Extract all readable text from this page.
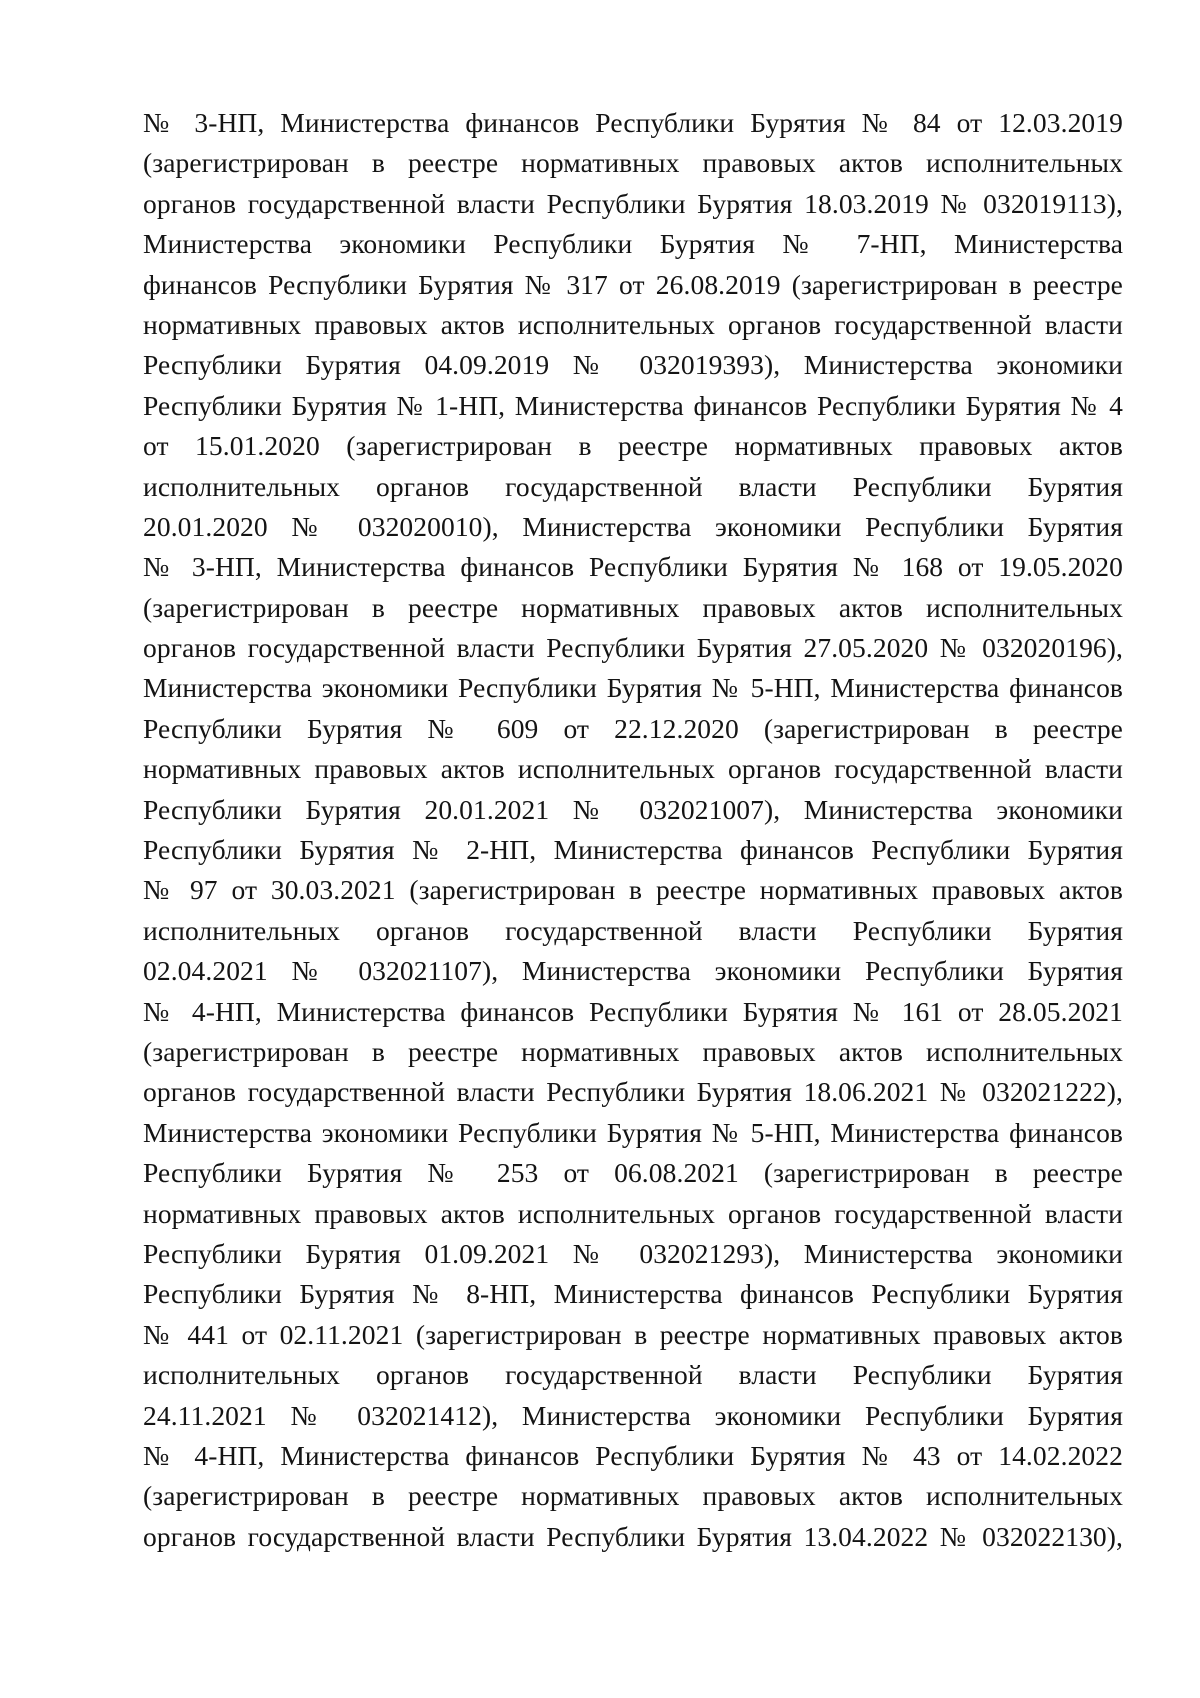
№ 3-НП, Министерства финансов Республики Бурятия № 84 от 12.03.2019
(зарегистрирован в реестре нормативных правовых актов исполнительных
органов государственной власти Республики Бурятия 18.03.2019 № 032019113),
Министерства экономики Республики Бурятия № 7-НП, Министерства
финансов Республики Бурятия № 317 от 26.08.2019 (зарегистрирован в реестре
нормативных правовых актов исполнительных органов государственной власти
Республики Бурятия 04.09.2019 № 032019393), Министерства экономики
Республики Бурятия № 1-НП, Министерства финансов Республики Бурятия № 4
от 15.01.2020 (зарегистрирован в реестре нормативных правовых актов
исполнительных органов государственной власти Республики Бурятия
20.01.2020 № 032020010), Министерства экономики Республики Бурятия
№ 3-НП, Министерства финансов Республики Бурятия № 168 от 19.05.2020
(зарегистрирован в реестре нормативных правовых актов исполнительных
органов государственной власти Республики Бурятия 27.05.2020 № 032020196),
Министерства экономики Республики Бурятия № 5-НП, Министерства финансов
Республики Бурятия № 609 от 22.12.2020 (зарегистрирован в реестре
нормативных правовых актов исполнительных органов государственной власти
Республики Бурятия 20.01.2021 № 032021007), Министерства экономики
Республики Бурятия № 2-НП, Министерства финансов Республики Бурятия
№ 97 от 30.03.2021 (зарегистрирован в реестре нормативных правовых актов
исполнительных органов государственной власти Республики Бурятия
02.04.2021 № 032021107), Министерства экономики Республики Бурятия
№ 4-НП, Министерства финансов Республики Бурятия № 161 от 28.05.2021
(зарегистрирован в реестре нормативных правовых актов исполнительных
органов государственной власти Республики Бурятия 18.06.2021 № 032021222),
Министерства экономики Республики Бурятия № 5-НП, Министерства финансов
Республики Бурятия № 253 от 06.08.2021 (зарегистрирован в реестре
нормативных правовых актов исполнительных органов государственной власти
Республики Бурятия 01.09.2021 № 032021293), Министерства экономики
Республики Бурятия № 8-НП, Министерства финансов Республики Бурятия
№ 441 от 02.11.2021 (зарегистрирован в реестре нормативных правовых актов
исполнительных органов государственной власти Республики Бурятия
24.11.2021 № 032021412), Министерства экономики Республики Бурятия
№ 4-НП, Министерства финансов Республики Бурятия № 43 от 14.02.2022
(зарегистрирован в реестре нормативных правовых актов исполнительных
органов государственной власти Республики Бурятия 13.04.2022 № 032022130),
